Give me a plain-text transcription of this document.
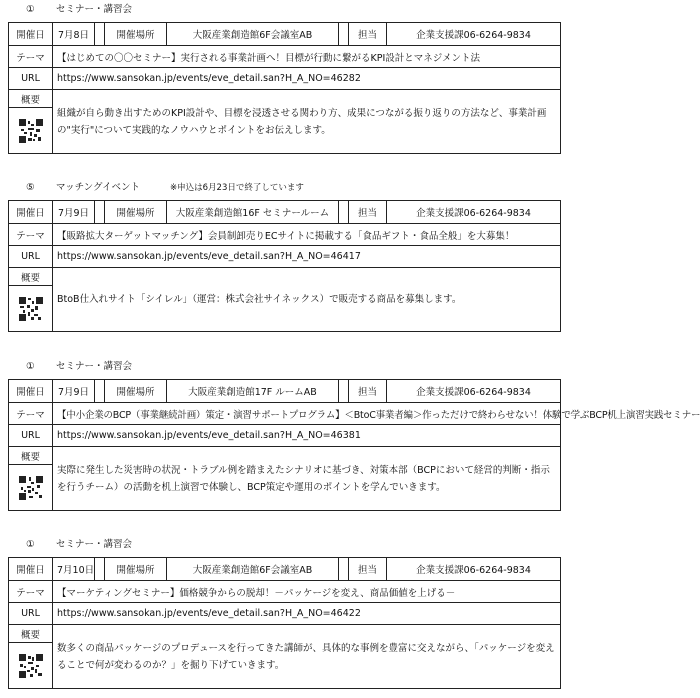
① セミナー・講習会
開催日	7月8日		開催場所	大阪産業創造館6F会議室AB		担当	企業支援課06-6264-9834
テーマ	【はじめての〇〇セミナー】実行される事業計画へ！目標が行動に繋がるKPI設計とマネジメント法						
URL	https://www.sansokan.jp/events/eve_detail.san?H_A_NO=46282						
概要	組織が自ら動き出すためのKPI設計や、目標を浸透させる関わり方、成果につながる振り返りの方法など、事業計画の"実行"について実践的なノウハウとポイントをお伝えします。						

⑤ マッチングイベント	※申込は6月23日で終了しています
開催日	7月9日		開催場所	大阪産業創造館16F セミナールーム		担当	企業支援課06-6264-9834
テーマ	【販路拡大ターゲットマッチング】会員制卸売りECサイトに掲載する「食品ギフト・食品全般」を大募集！						
URL	https://www.sansokan.jp/events/eve_detail.san?H_A_NO=46417						
概要	BtoB仕入れサイト「シイレル」（運営：株式会社サイネックス）で販売する商品を募集します。						

① セミナー・講習会
開催日	7月9日		開催場所	大阪産業創造館17F ルームAB		担当	企業支援課06-6264-9834
テーマ	【中小企業のBCP（事業継続計画）策定・演習サポートプログラム】＜BtoC事業者編＞作っただけで終わらせない！体験で学ぶBCP机上演習実践セミナー						
URL	https://www.sansokan.jp/events/eve_detail.san?H_A_NO=46381						
概要	実際に発生した災害時の状況・トラブル例を踏まえたシナリオに基づき、対策本部（BCPにおいて経営的判断・指示を行うチーム）の活動を机上演習で体験し、BCP策定や運用のポイントを学んでいきます。						

① セミナー・講習会
開催日	7月10日		開催場所	大阪産業創造館6F会議室AB		担当	企業支援課06-6264-9834
テーマ	【マーケティングセミナー】価格競争からの脱却！－パッケージを変え、商品価値を上げる－						
URL	https://www.sansokan.jp/events/eve_detail.san?H_A_NO=46422						
概要	数多くの商品パッケージのプロデュースを行ってきた講師が、具体的な事例を豊富に交えながら、「パッケージを変えることで何が変わるのか？」を掘り下げていきます。						
